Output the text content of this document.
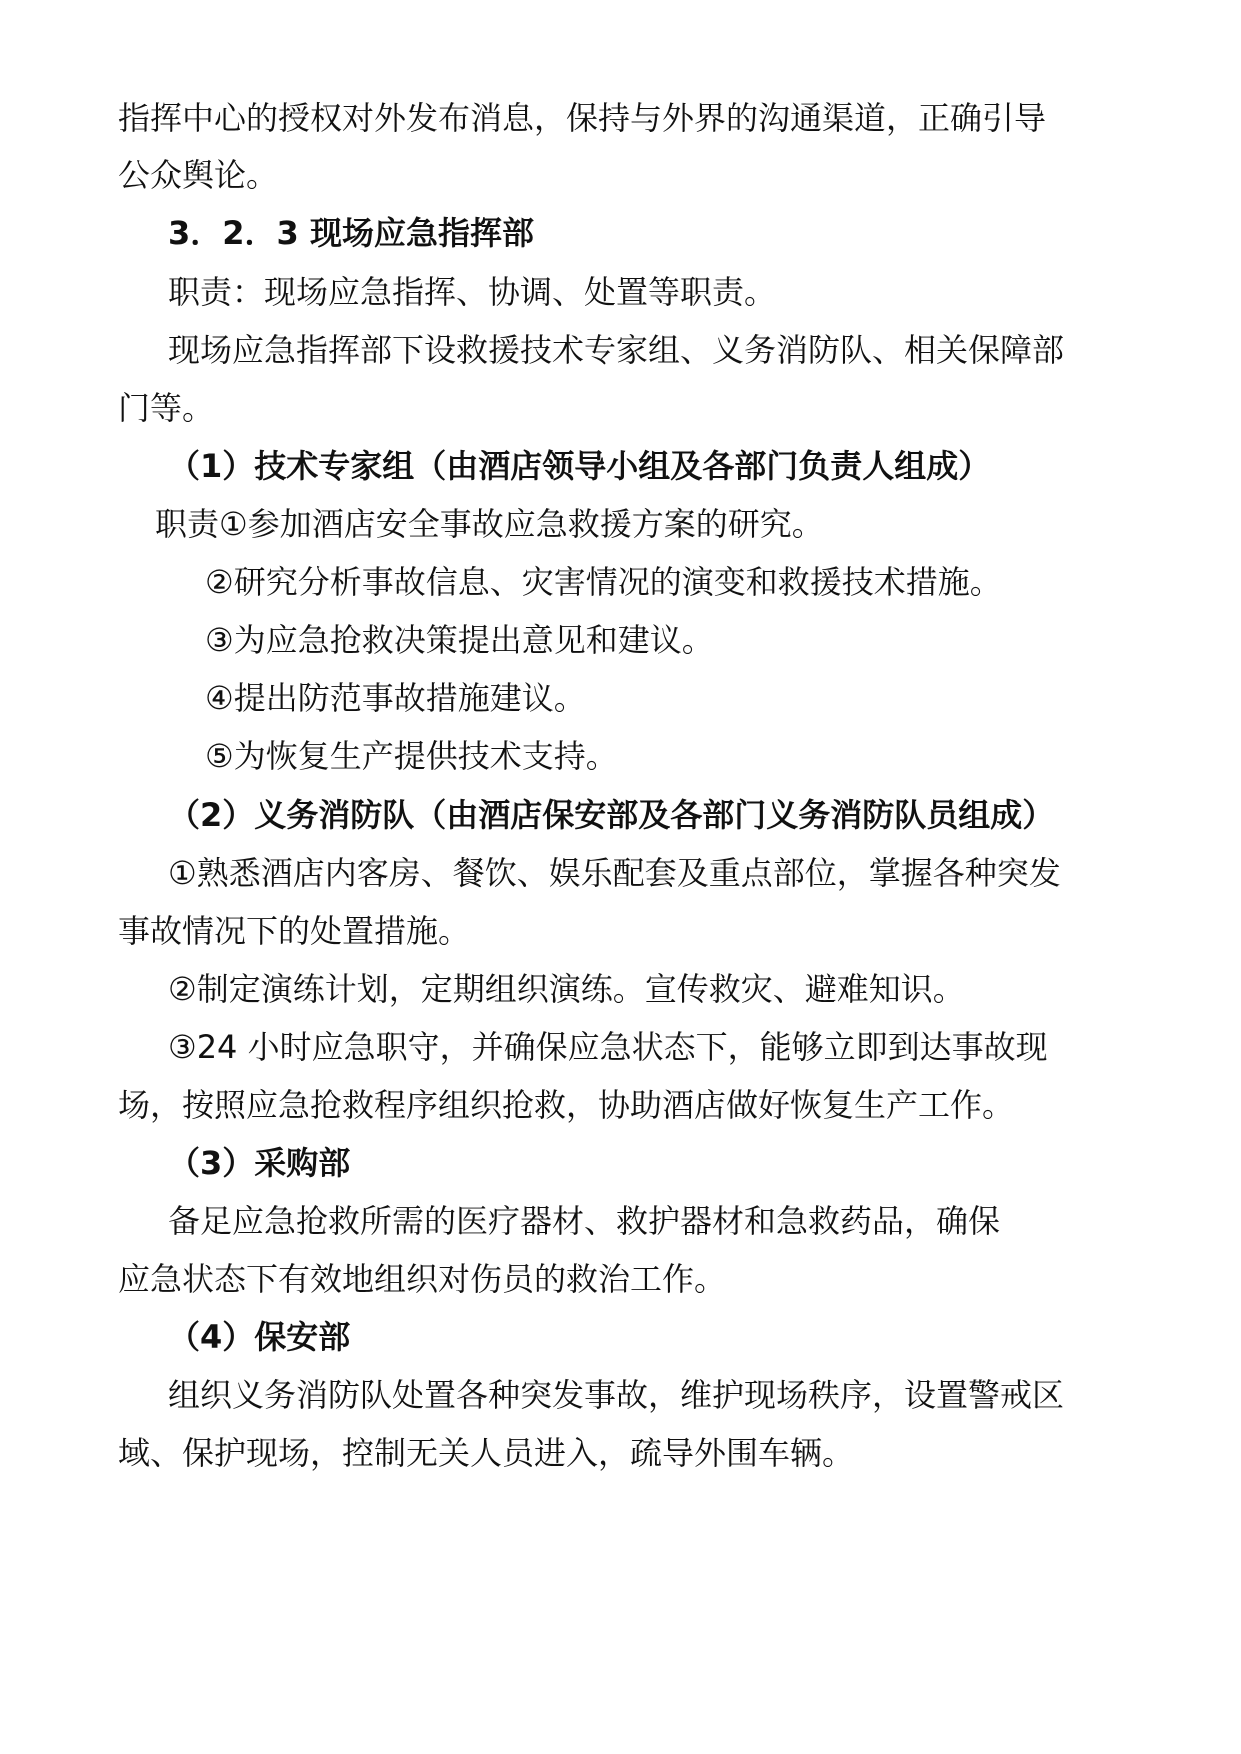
指挥中心的授权对外发布消息，保持与外界的沟通渠道，正确引导
公众舆论。
3．2．3 现场应急指挥部
职责：现场应急指挥、协调、处置等职责。
现场应急指挥部下设救援技术专家组、义务消防队、相关保障部
门等。
（1）技术专家组（由酒店领导小组及各部门负责人组成）
职责①参加酒店安全事故应急救援方案的研究。
②研究分析事故信息、灾害情况的演变和救援技术措施。
③为应急抢救决策提出意见和建议。
④提出防范事故措施建议。
⑤为恢复生产提供技术支持。
（2）义务消防队（由酒店保安部及各部门义务消防队员组成）
①熟悉酒店内客房、餐饮、娱乐配套及重点部位，掌握各种突发
事故情况下的处置措施。
②制定演练计划，定期组织演练。宣传救灾、避难知识。
③24 小时应急职守，并确保应急状态下，能够立即到达事故现
场，按照应急抢救程序组织抢救，协助酒店做好恢复生产工作。
（3）采购部
备足应急抢救所需的医疗器材、救护器材和急救药品，确保
应急状态下有效地组织对伤员的救治工作。
（4）保安部
组织义务消防队处置各种突发事故，维护现场秩序，设置警戒区
域、保护现场，控制无关人员进入，疏导外围车辆。
